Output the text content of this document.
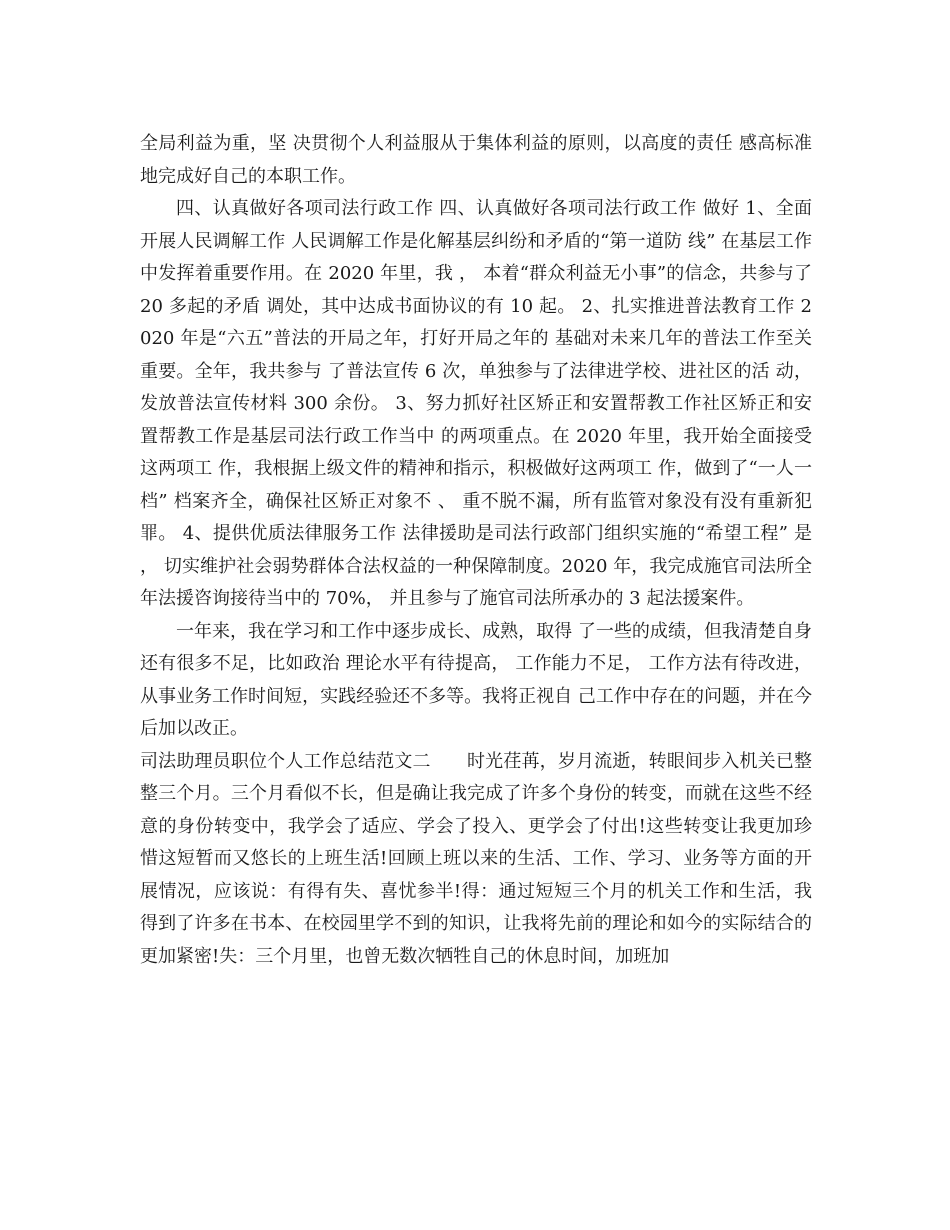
全局利益为重，坚 决贯彻个人利益服从于集体利益的原则，以高度的责任 感高标准地完成好自己的本职工作。

四、认真做好各项司法行政工作 四、认真做好各项司法行政工作 做好 1、全面开展人民调解工作 人民调解工作是化解基层纠纷和矛盾的“第一道防 线” 在基层工作中发挥着重要作用。在 2020 年里，我 ， 本着“群众利益无小事”的信念，共参与了 20 多起的矛盾 调处，其中达成书面协议的有 10 起。 2、扎实推进普法教育工作 2020 年是“六五”普法的开局之年，打好开局之年的 基础对未来几年的普法工作至关重要。全年，我共参与 了普法宣传 6 次，单独参与了法律进学校、进社区的活 动，发放普法宣传材料 300 余份。 3、努力抓好社区矫正和安置帮教工作社区矫正和安置帮教工作是基层司法行政工作当中 的两项重点。在 2020 年里，我开始全面接受这两项工 作，我根据上级文件的精神和指示，积极做好这两项工 作，做到了“一人一档” 档案齐全，确保社区矫正对象不 、 重不脱不漏，所有监管对象没有没有重新犯罪。 4、提供优质法律服务工作 法律援助是司法行政部门组织实施的“希望工程” 是 ， 切实维护社会弱势群体合法权益的一种保障制度。2020 年，我完成施官司法所全年法援咨询接待当中的 70%， 并且参与了施官司法所承办的 3 起法援案件。

一年来，我在学习和工作中逐步成长、成熟，取得 了一些的成绩，但我清楚自身还有很多不足，比如政治 理论水平有待提高， 工作能力不足， 工作方法有待改进， 从事业务工作时间短，实践经验还不多等。我将正视自 己工作中存在的问题，并在今后加以改正。

司法助理员职位个人工作总结范文二　　时光荏苒，岁月流逝，转眼间步入机关已整整三个月。三个月看似不长，但是确让我完成了许多个身份的转变，而就在这些不经意的身份转变中，我学会了适应、学会了投入、更学会了付出!这些转变让我更加珍惜这短暂而又悠长的上班生活!回顾上班以来的生活、工作、学习、业务等方面的开展情况，应该说：有得有失、喜忧参半!得：通过短短三个月的机关工作和生活，我得到了许多在书本、在校园里学不到的知识，让我将先前的理论和如今的实际结合的更加紧密!失：三个月里，也曾无数次牺牲自己的休息时间，加班加
